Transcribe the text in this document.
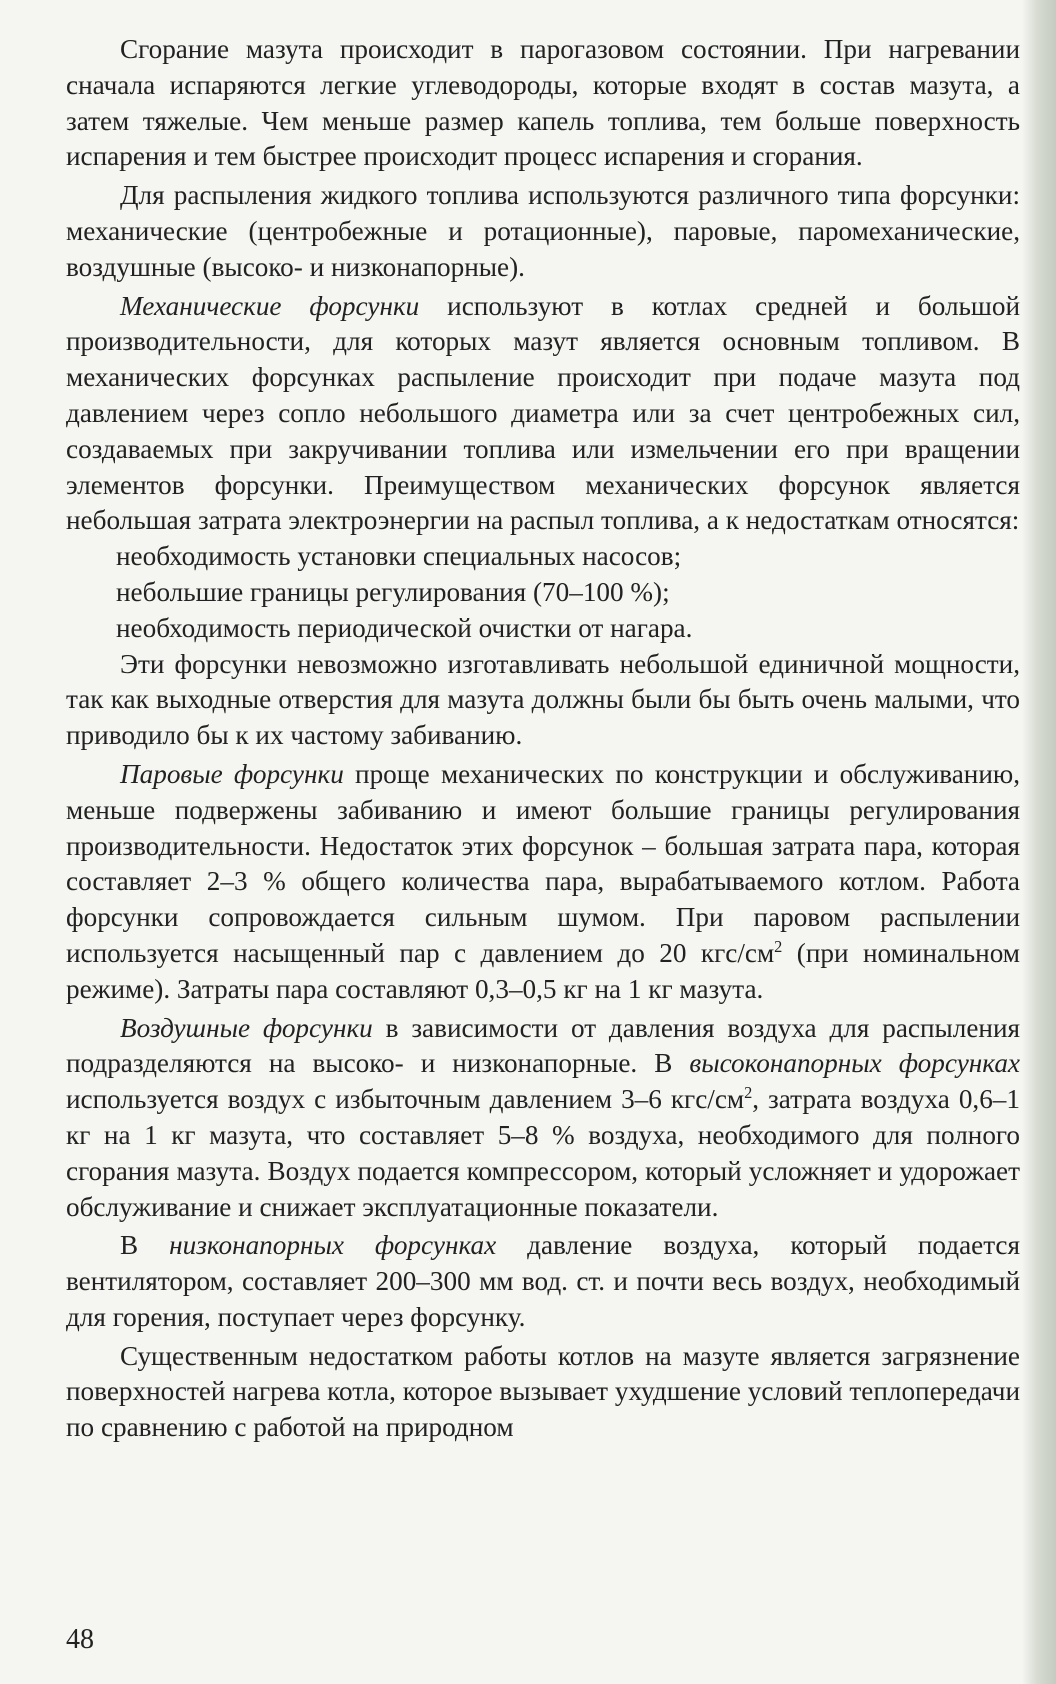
Сгорание мазута происходит в парогазовом состоянии. При нагревании сначала испаряются легкие углеводороды, которые входят в состав мазута, а затем тяжелые. Чем меньше размер капель топлива, тем больше поверхность испарения и тем быстрее происходит процесс испарения и сгорания.

Для распыления жидкого топлива используются различного типа форсунки: механические (центробежные и ротационные), паровые, паромеханические, воздушные (высоко- и низконапорные).

Механические форсунки используют в котлах средней и большой производительности, для которых мазут является основным топливом. В механических форсунках распыление происходит при подаче мазута под давлением через сопло небольшого диаметра или за счет центробежных сил, создаваемых при закручивании топлива или измельчении его при вращении элементов форсунки. Преимуществом механических форсунок является небольшая затрата электроэнергии на распыл топлива, а к недостаткам относятся:

необходимость установки специальных насосов;

небольшие границы регулирования (70–100 %);

необходимость периодической очистки от нагара.

Эти форсунки невозможно изготавливать небольшой единичной мощности, так как выходные отверстия для мазута должны были бы быть очень малыми, что приводило бы к их частому забиванию.

Паровые форсунки проще механических по конструкции и обслуживанию, меньше подвержены забиванию и имеют большие границы регулирования производительности. Недостаток этих форсунок – большая затрата пара, которая составляет 2–3 % общего количества пара, вырабатываемого котлом. Работа форсунки сопровождается сильным шумом. При паровом распылении используется насыщенный пар с давлением до 20 кгс/$см^2$ (при номинальном режиме). Затраты пара составляют 0,3–0,5 кг на 1 кг мазута.

Воздушные форсунки в зависимости от давления воздуха для распыления подразделяются на высоко- и низконапорные. В высоконапорных форсунках используется воздух с избыточным давлением 3–6 кгс/$см^2$, затрата воздуха 0,6–1 кг на 1 кг мазута, что составляет 5–8 % воздуха, необходимого для полного сгорания мазута. Воздух подается компрессором, который усложняет и удорожает обслуживание и снижает эксплуатационные показатели.

В низконапорных форсунках давление воздуха, который подается вентилятором, составляет 200–300 мм вод. ст. и почти весь воздух, необходимый для горения, поступает через форсунку.

Существенным недостатком работы котлов на мазуте является загрязнение поверхностей нагрева котла, которое вызывает ухудшение условий теплопередачи по сравнению с работой на природном

48
